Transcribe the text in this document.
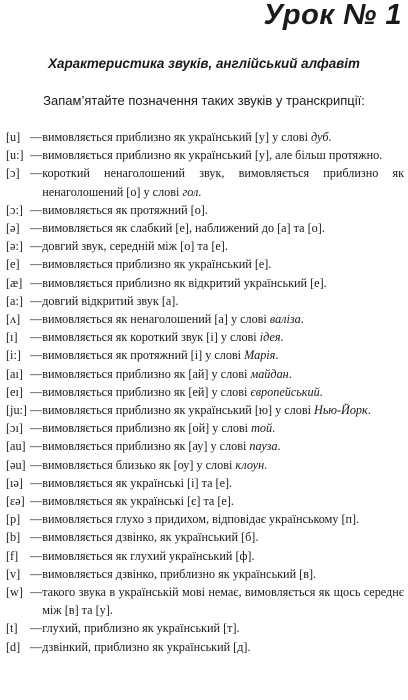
Урок № 1
Характеристика звуків, англійський алфавіт

Запам’ятайте позначення таких звуків у транскрипції:

[u] — вимовляється приблизно як український [у] у слові дуб.
[u:] — вимовляється приблизно як український [у], але більш протяжно.
[ɔ] — короткий ненаголошений звук, вимовляється приблизно як ненаголошений [о] у слові гол.
[ɔ:] — вимовляється як протяжний [о].
[ə] — вимовляється як слабкий [е], наближений до [а] та [о].
[ə:] — довгий звук, середній між [о] та [е].
[e] — вимовляється приблизно як український [е].
[æ] — вимовляється приблизно як відкритий український [е].
[a:] — довгий відкритий звук [а].
[ʌ] — вимовляється як ненаголошений [а] у слові валіза.
[ı]	— вимовляється як короткий звук [і] у слові ідея.
[i:] — вимовляється як протяжний [і] у слові Марія.
[aı] — вимовляється приблизно як [ай] у слові майдан.
[eı] — вимовляється приблизно як [ей] у слові європейський.
[ju:] — вимовляється приблизно як український [ю] у слові Нью-Йорк.
[ɔı] — вимовляється приблизно як [ой] у слові той.
[au] — вимовляється приблизно як [ау] у слові пауза.
[əu] — вимовляється близько як [оу] у слові клоун.
[ıə] — вимовляється як українські [і] та [е].
[ɛə] — вимовляється як українські [є] та [е].
[p] — вимовляється глухо з придихом, відповідає українському [п].
[b] — вимовляється дзвінко, як український [б].
[f] — вимовляється як глухий український [ф].
[v] — вимовляється дзвінко, приблизно як український [в].
[w] — такого звука в українській мові немає, вимовляється як щось середнє між [в] та [у].
[t]	— глухий, приблизно як український [т].
[d] — дзвінкий, приблизно як український [д].
